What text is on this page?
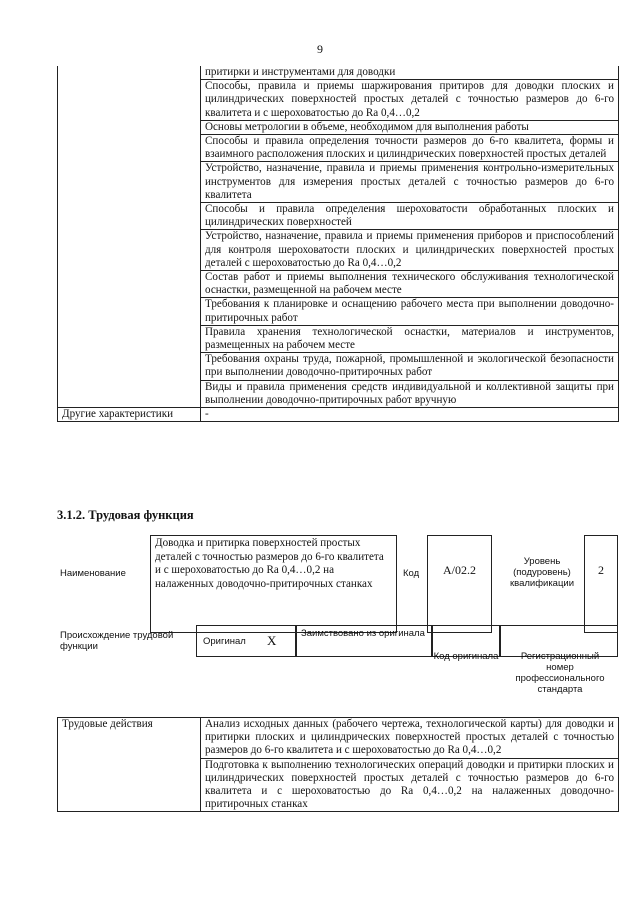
9
	притирки и инструментами для доводки
	Способы, правила и приемы шаржирования притиров для доводки плоских и цилиндрических поверхностей простых деталей с точностью размеров до 6-го квалитета и с шероховатостью до Ra 0,4…0,2
	Основы метрологии в объеме, необходимом для выполнения работы
	Способы и правила определения точности размеров до 6-го квалитета, формы и взаимного расположения плоских и цилиндрических поверхностей простых деталей
	Устройство, назначение, правила и приемы применения контрольно-измерительных инструментов для измерения простых деталей с точностью размеров до 6-го квалитета
	Способы и правила определения шероховатости обработанных плоских и цилиндрических поверхностей
	Устройство, назначение, правила и приемы применения приборов и приспособлений для контроля шероховатости плоских и цилиндрических поверхностей простых деталей с шероховатостью до Ra 0,4…0,2
	Состав работ и приемы выполнения технического обслуживания технологической оснастки, размещенной на рабочем месте
	Требования к планировке и оснащению рабочего места при выполнении доводочно-притирочных работ
	Правила хранения технологической оснастки, материалов и инструментов, размещенных на рабочем месте
	Требования охраны труда, пожарной, промышленной и экологической безопасности при выполнении доводочно-притирочных работ
	Виды и правила применения средств индивидуальной и коллективной защиты при выполнении доводочно-притирочных работ вручную
Другие характеристики	-
3.1.2. Трудовая функция
Наименование
Доводка и притирка поверхностей простых деталей с точностью размеров до 6-го квалитета и с шероховатостью до Ra 0,4…0,2 на налаженных доводочно-притирочных станках
Код	A/02.2
Уровень (подуровень) квалификации
2
Происхождение трудовой функции	Оригинал X	Заимствовано из оригинала
Код оригинала	Регистрационный номер профессионального стандарта
Трудовые действия	Анализ исходных данных (рабочего чертежа, технологической карты) для доводки и притирки плоских и цилиндрических поверхностей простых деталей с точностью размеров до 6-го квалитета и с шероховатостью до Ra 0,4…0,2
Подготовка к выполнению технологических операций доводки и притирки плоских и цилиндрических поверхностей простых деталей с точностью размеров до 6-го квалитета и с шероховатостью до Ra 0,4…0,2 на налаженных доводочно-притирочных станках
